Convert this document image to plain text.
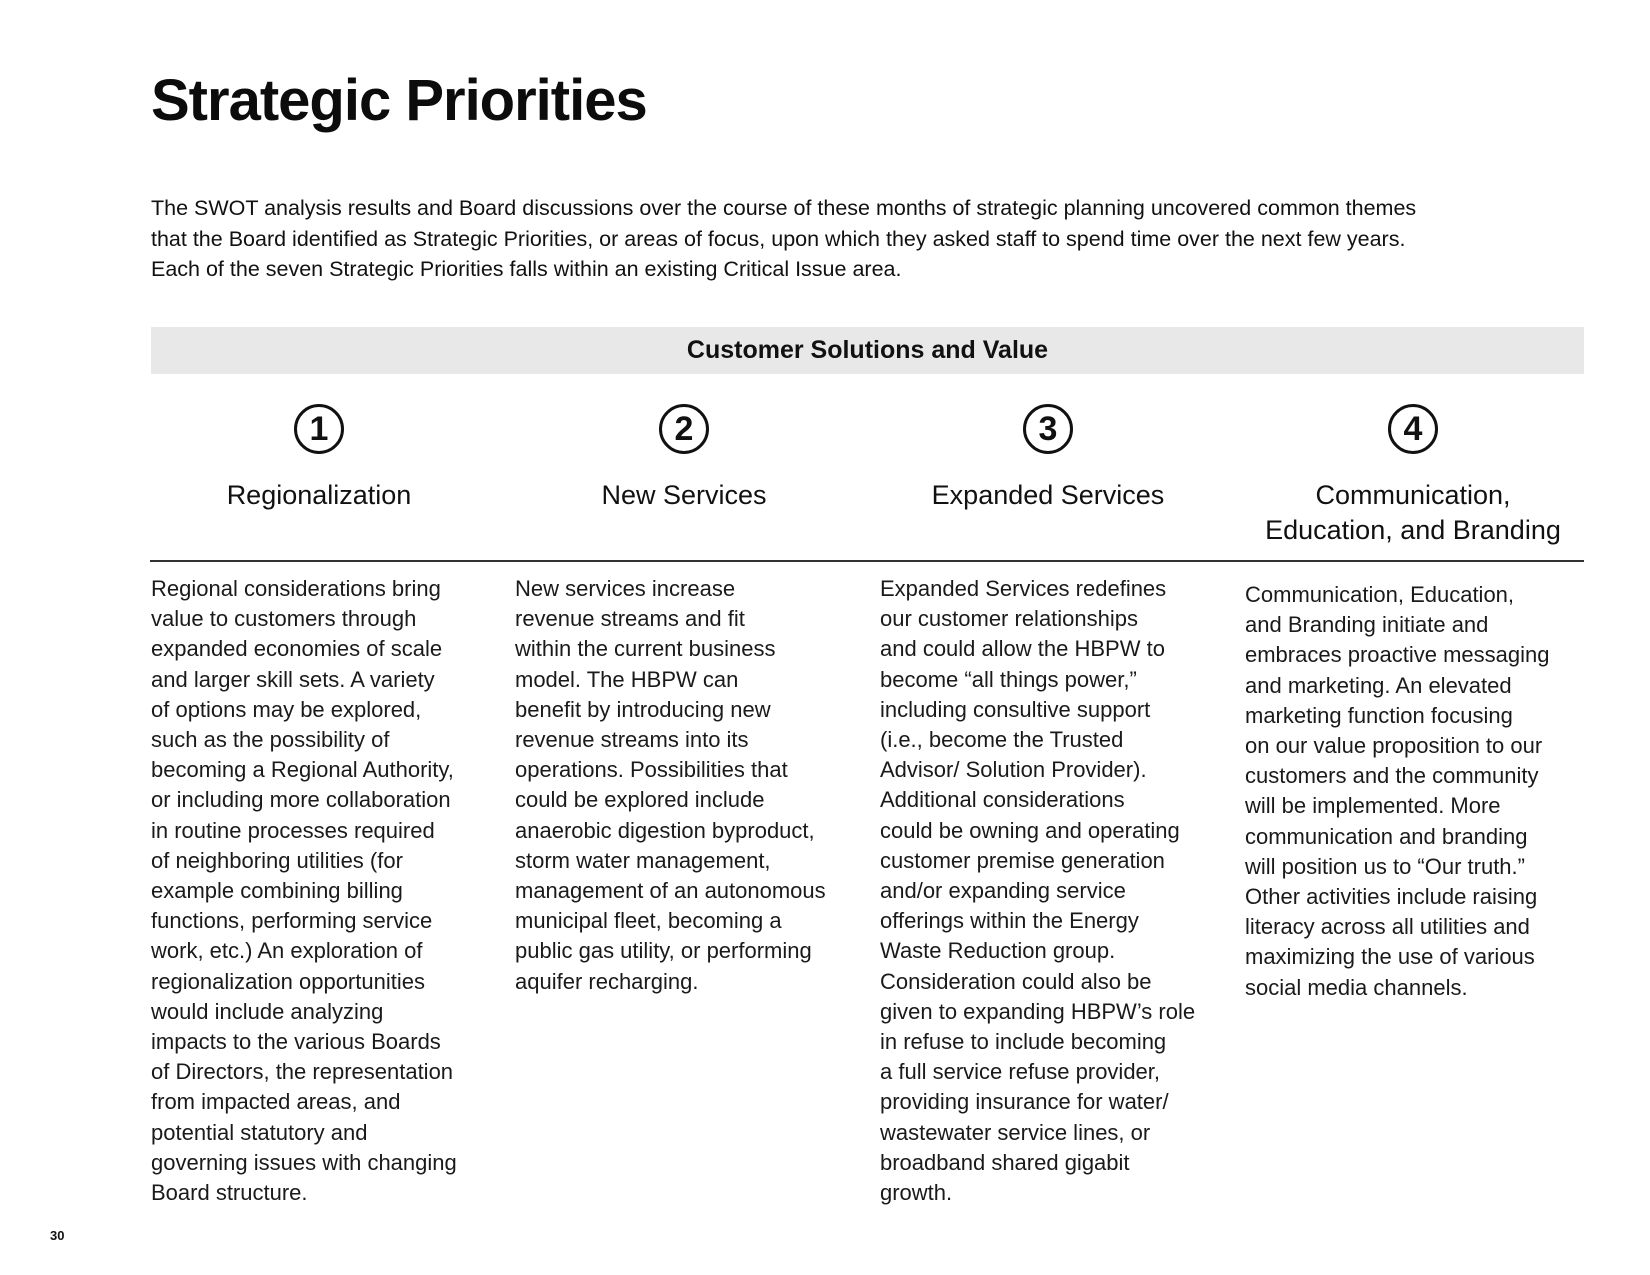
Strategic Priorities

The SWOT analysis results and Board discussions over the course of these months of strategic planning uncovered common themes
that the Board identified as Strategic Priorities, or areas of focus, upon which they asked staff to spend time over the next few years.
Each of the seven Strategic Priorities falls within an existing Critical Issue area.

Customer Solutions and Value
1
Regionalization
2
New Services
3
Expanded Services
4
Communication,
Education, and Branding
Regional considerations bring
value to customers through
expanded economies of scale
and larger skill sets. A variety
of options may be explored,
such as the possibility of
becoming a Regional Authority,
or including more collaboration
in routine processes required
of neighboring utilities (for
example combining billing
functions, performing service
work, etc.) An exploration of
regionalization opportunities
would include analyzing
impacts to the various Boards
of Directors, the representation
from impacted areas, and
potential statutory and
governing issues with changing
Board structure.
New services increase
revenue streams and fit
within the current business
model. The HBPW can
benefit by introducing new
revenue streams into its
operations. Possibilities that
could be explored include
anaerobic digestion byproduct,
storm water management,
management of an autonomous
municipal fleet, becoming a
public gas utility, or performing
aquifer recharging.
Expanded Services redefines
our customer relationships
and could allow the HBPW to
become “all things power,”
including consultive support
(i.e., become the Trusted
Advisor/ Solution Provider).
Additional considerations
could be owning and operating
customer premise generation
and/or expanding service
offerings within the Energy
Waste Reduction group.
Consideration could also be
given to expanding HBPW’s role
in refuse to include becoming
a full service refuse provider,
providing insurance for water/
wastewater service lines, or
broadband shared gigabit
growth.
Communication, Education,
and Branding initiate and
embraces proactive messaging
and marketing. An elevated
marketing function focusing
on our value proposition to our
customers and the community
will be implemented. More
communication and branding
will position us to “Our truth.”
Other activities include raising
literacy across all utilities and
maximizing the use of various
social media channels.
30
